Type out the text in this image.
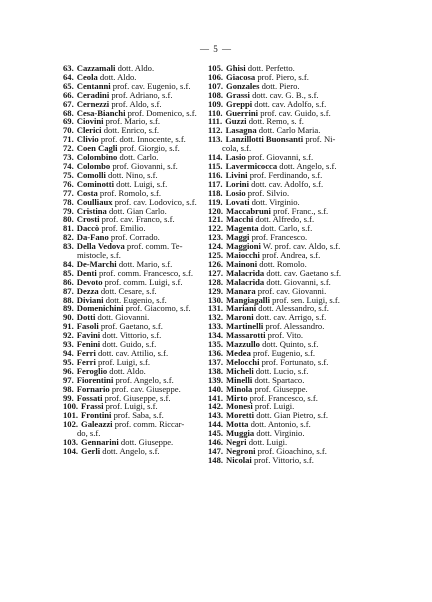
— 5 —
63. Cazzamali dott. Aldo.
64. Ceola dott. Aldo.
65. Centanni prof. cav. Eugenio, s.f.
66. Ceradini prof. Adriano, s.f.
67. Cernezzi prof. Aldo, s.f.
68. Cesa-Bianchi prof. Domenico, s.f.
69. Ciovini prof. Mario, s.f.
70. Clerici dott. Enrico, s.f.
71. Clivio prof. dott. Innocente, s.f.
72. Coen Cagli prof. Giorgio, s.f.
73. Colombino dott. Carlo.
74. Colombo prof. Giovanni, s.f.
75. Comolli dott. Nino, s.f.
76. Cominotti dott. Luigi, s.f.
77. Costa prof. Romolo, s.f.
78. Coulliaux prof. cav. Lodovico, s.f.
79. Cristina dott. Gian Carlo.
80. Crosti prof. cav. Franco, s.f.
81. Daccò prof. Emilio.
82. Da-Fano prof. Corrado.
83. Della Vedova prof. comm. Te-
mistocle, s.f.
84. De-Marchi dott. Mario, s.f.
85. Denti prof. comm. Francesco, s.f.
86. Devoto prof. comm. Luigi, s.f.
87. Dezza dott. Cesare, s.f.
88. Diviani dott. Eugenio, s.f.
89. Domenichini prof. Giacomo, s.f.
90. Dotti dott. Giovanni.
91. Fasoli prof. Gaetano, s.f.
92. Favini dott. Vittorio, s.f.
93. Fenini dott. Guido, s.f.
94. Ferri dott. cav. Attilio, s.f.
95. Ferri prof. Luigi, s.f.
96. Feroglio dott. Aldo.
97. Fiorentini prof. Angelo, s.f.
98. Fornario prof. cav. Giuseppe.
99. Fossati prof. Giuseppe, s.f.
100. Frassi prof. Luigi, s.f.
101. Frontini prof. Saba, s.f.
102. Galeazzi prof. comm. Riccar-
do, s.f.
103. Gennarini dott. Giuseppe.
104. Gerli dott. Angelo, s.f.
105. Ghisi dott. Perfetto.
106. Giacosa prof. Piero, s.f.
107. Gonzales dott. Piero.
108. Grassi dott. cav. G. B., s.f.
109. Greppi dott. cav. Adolfo, s.f.
110. Guerrini prof. cav. Guido, s.f.
111. Guzzi dott. Remo, s. f.
112. Lasagna dott. Carlo Maria.
113. Lanzillotti Buonsanti prof. Ni-
cola, s.f.
114. Lasio prof. Giovanni, s.f.
115. Lavermicocca dott. Angelo, s.f.
116. Livini prof. Ferdinando, s.f.
117. Lorini dott. cav. Adolfo, s.f.
118. Losio prof. Silvio.
119. Lovati dott. Virginio.
120. Maccabruni prof. Franc., s.f.
121. Macchi dott. Alfredo, s.f.
122. Magenta dott. Carlo, s.f.
123. Maggi prof. Francesco.
124. Maggioni W. prof. cav. Aldo, s.f.
125. Maiocchi prof. Andrea, s.f.
126. Mainoni dott. Romolo.
127. Malacrida dott. cav. Gaetano s.f.
128. Malacrida dott. Giovanni, s.f.
129. Manara prof. cav. Giovanni.
130. Mangiagalli prof. sen. Luigi, s.f.
131. Mariani dott. Alessandro, s.f.
132. Maroni dott. cav. Arrigo, s.f.
133. Martinelli prof. Alessandro.
134. Massarotti prof. Vito.
135. Mazzullo dott. Quinto, s.f.
136. Medea prof. Eugenio, s.f.
137. Melocchi prof. Fortunato, s.f.
138. Micheli dott. Lucio, s.f.
139. Minelli dott. Spartaco.
140. Minola prof. Giuseppe.
141. Mirto prof. Francesco, s.f.
142. Monesi prof. Luigi.
143. Moretti dott. Gian Pietro, s.f.
144. Motta dott. Antonio, s.f.
145. Muggia dott. Virginio.
146. Negri dott. Luigi.
147. Negroni prof. Gioachino, s.f.
148. Nicolai prof. Vittorio, s.f.
